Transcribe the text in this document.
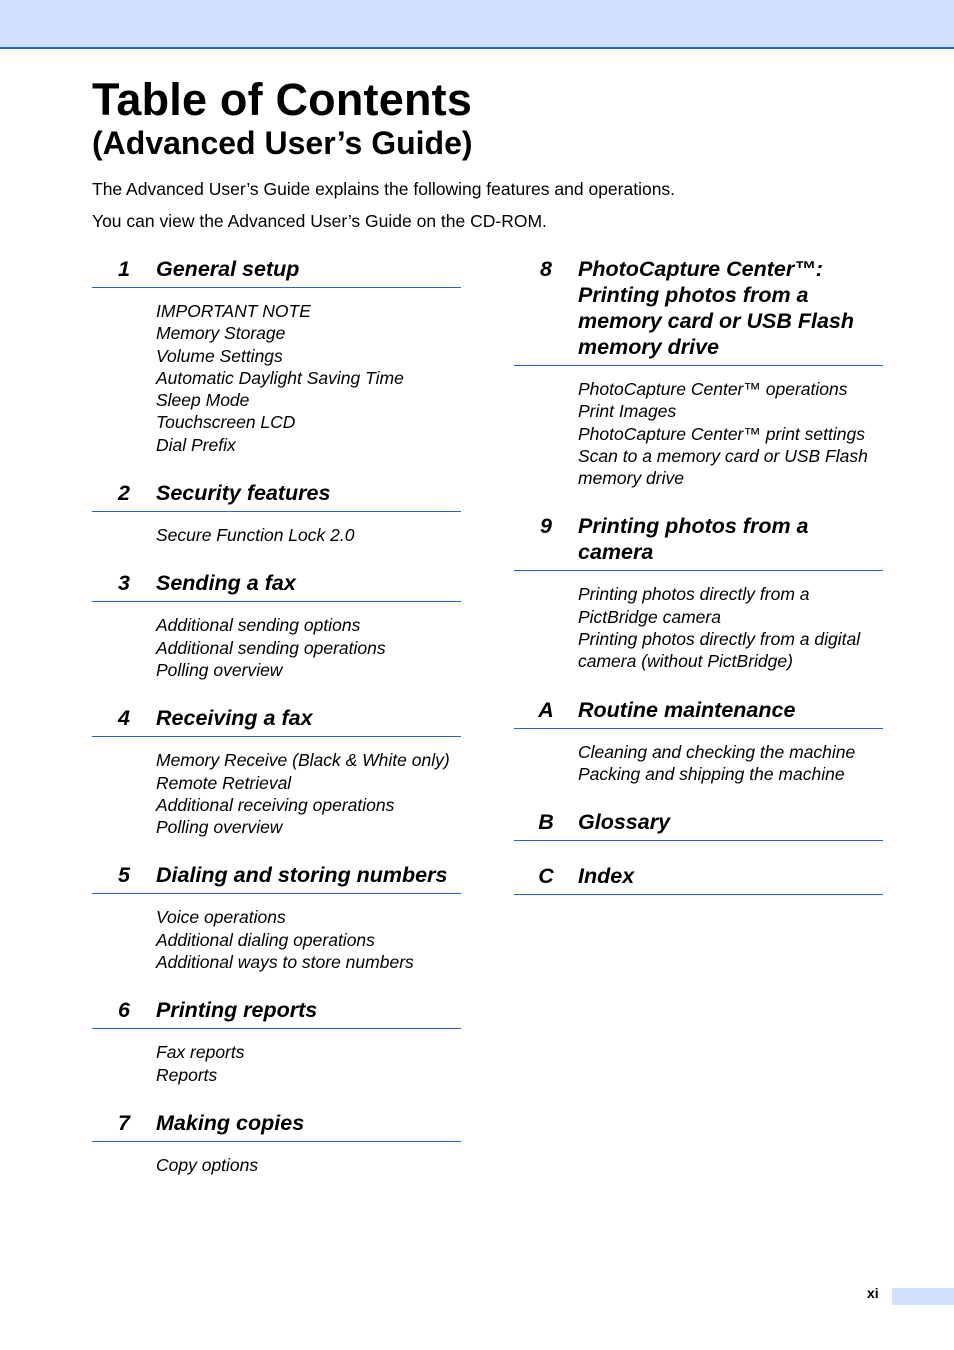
Table of Contents
(Advanced User’s Guide)

The Advanced User’s Guide explains the following features and operations.

You can view the Advanced User’s Guide on the CD-ROM.

1	General setup
IMPORTANT NOTE
Memory Storage
Volume Settings
Automatic Daylight Saving Time
Sleep Mode
Touchscreen LCD
Dial Prefix
2	Security features
Secure Function Lock 2.0
3	Sending a fax
Additional sending options
Additional sending operations
Polling overview
4	Receiving a fax
Memory Receive (Black & White only)
Remote Retrieval
Additional receiving operations
Polling overview
5	Dialing and storing numbers
Voice operations
Additional dialing operations
Additional ways to store numbers
6	Printing reports
Fax reports
Reports
7	Making copies
Copy options
8	PhotoCapture Center™: Printing photos from a memory card or USB Flash memory drive
PhotoCapture Center™ operations
Print Images
PhotoCapture Center™ print settings
Scan to a memory card or USB Flash memory drive
9	Printing photos from a camera
Printing photos directly from a PictBridge camera
Printing photos directly from a digital camera (without PictBridge)
A	Routine maintenance
Cleaning and checking the machine
Packing and shipping the machine
B	Glossary
C	Index
xi
